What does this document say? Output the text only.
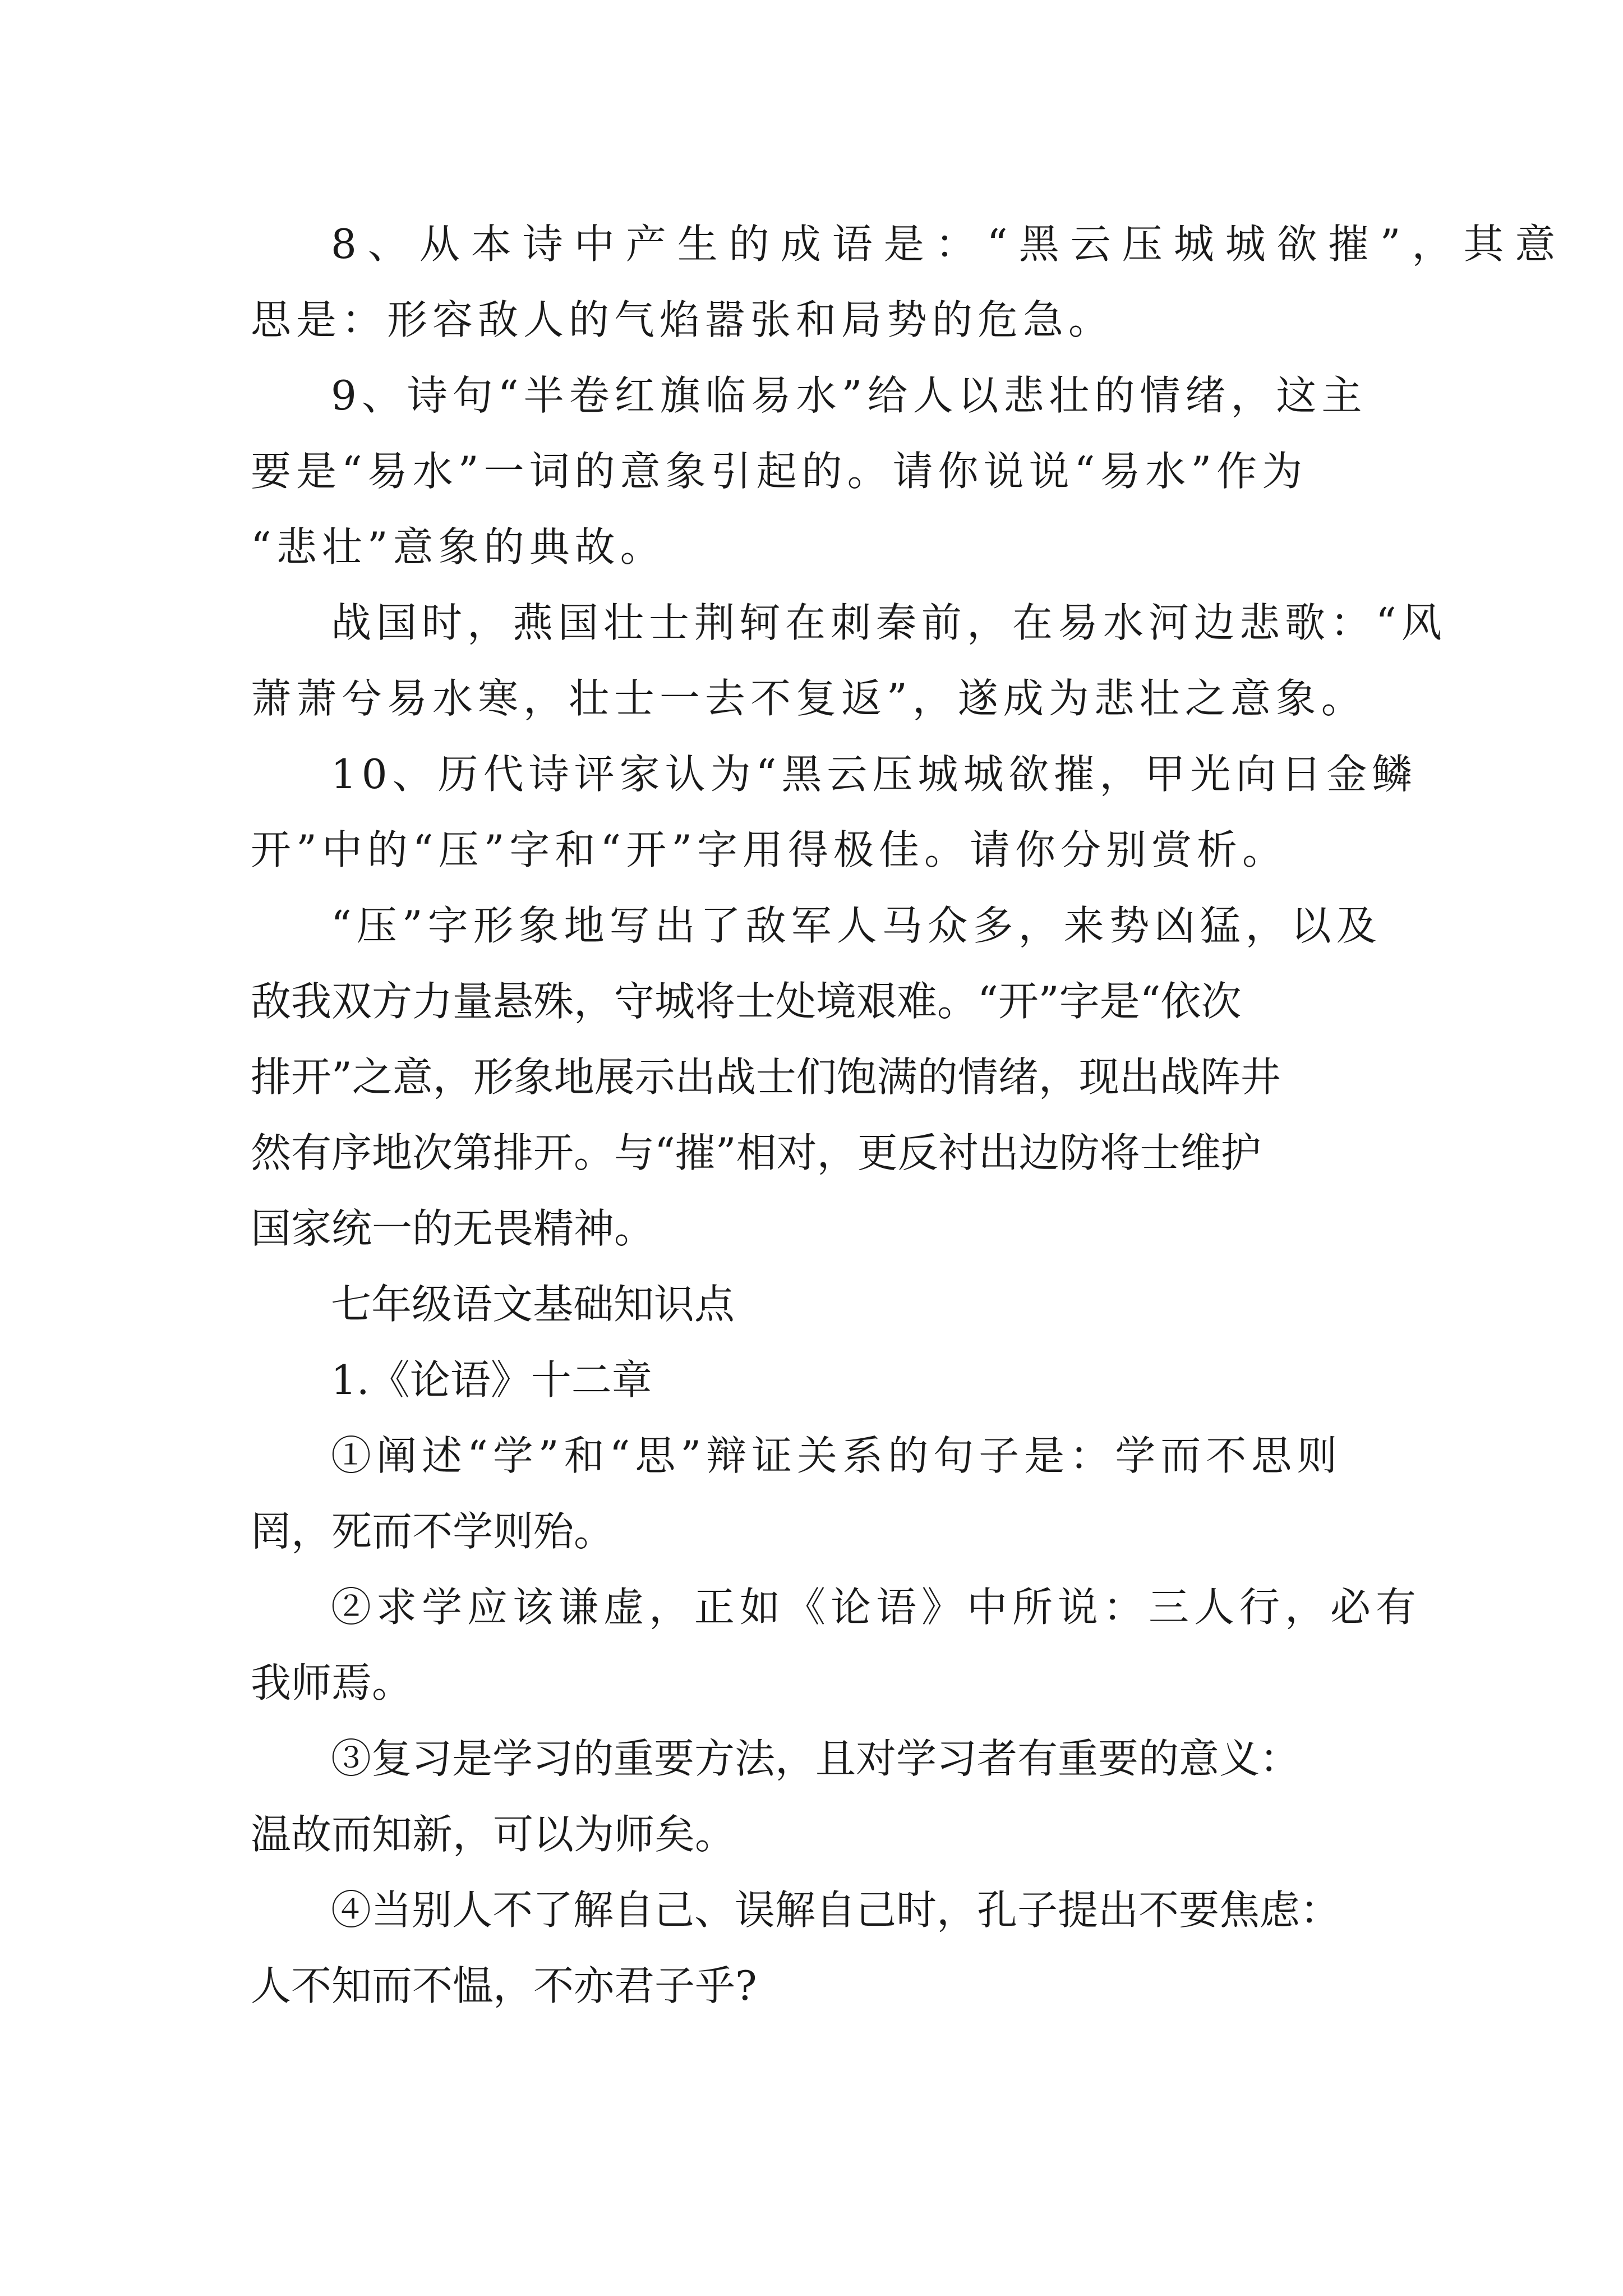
8、从本诗中产生的成语是：“黑云压城城欲摧”，其意
思是：形容敌人的气焰嚣张和局势的危急。
9、诗句“半卷红旗临易水”给人以悲壮的情绪，这主
要是“易水”一词的意象引起的。请你说说“易水”作为
“悲壮”意象的典故。
战国时，燕国壮士荆轲在刺秦前，在易水河边悲歌：“风
萧萧兮易水寒，壮士一去不复返”，遂成为悲壮之意象。
10、历代诗评家认为“黑云压城城欲摧，甲光向日金鳞
开”中的“压”字和“开”字用得极佳。请你分别赏析。
“压”字形象地写出了敌军人马众多，来势凶猛，以及
敌我双方力量悬殊，守城将士处境艰难。“开”字是“依次
排开”之意，形象地展示出战士们饱满的情绪，现出战阵井
然有序地次第排开。与“摧”相对，更反衬出边防将士维护
国家统一的无畏精神。
七年级语文基础知识点
1.《论语》十二章
①阐述“学”和“思”辩证关系的句子是：学而不思则
罔，死而不学则殆。
②求学应该谦虚，正如《论语》中所说：三人行，必有
我师焉。
③复习是学习的重要方法，且对学习者有重要的意义：
温故而知新，可以为师矣。
④当别人不了解自己、误解自己时，孔子提出不要焦虑：
人不知而不愠，不亦君子乎?
